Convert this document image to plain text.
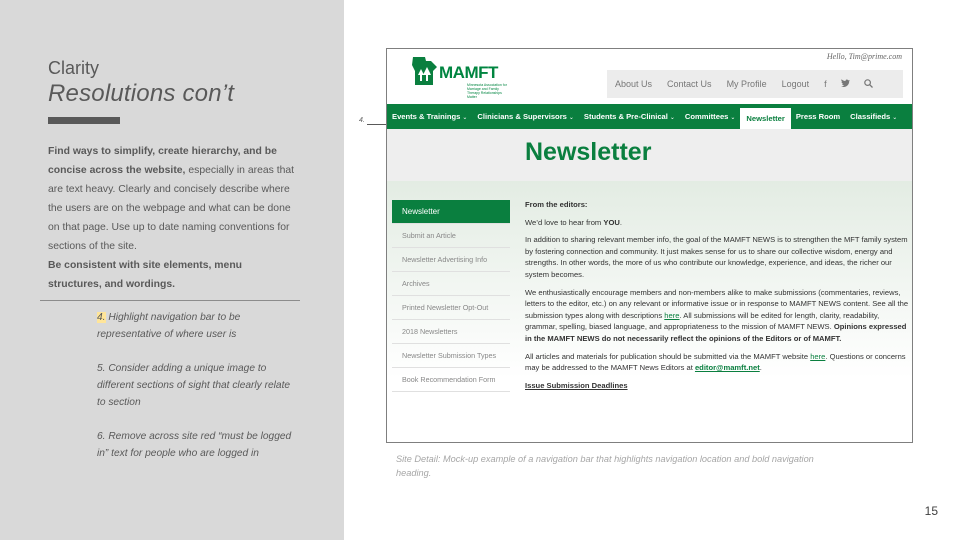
Clarity
Resolutions con’t
Find ways to simplify, create hierarchy, and be concise across the website, especially in areas that are text heavy. Clearly and concisely describe where the users are on the webpage and what can be done on that page. Use up to date naming conventions for sections of the site.
Be consistent with site elements, menu structures, and wordings.
4. Highlight navigation bar to be representative of where user is
5. Consider adding a unique image to different sections of sight that clearly relate to section
6. Remove across site red “must be logged in” text for people who are logged in
4.
Hello, Tim@prime.com
MAMFT
Minnesota Association for Marriage and Family Therapy Relationships Matter
About Us Contact Us My Profile Logout f
Events & Trainings ⌄	Clinicians & Supervisors ⌄	Students & Pre-Clinical ⌄	Committees ⌄	Newsletter	Press Room	Classifieds ⌄
Newsletter
Newsletter
Submit an Article
Newsletter Advertising Info
Archives
Printed Newsletter Opt-Out
2018 Newsletters
Newsletter Submission Types
Book Recommendation Form

From the editors:

We’d love to hear from YOU.

In addition to sharing relevant member info, the goal of the MAMFT NEWS is to strengthen the MFT family system by fostering connection and community. It just makes sense for us to share our collective wisdom, energy and strengths. In other words, the more of us who contribute our knowledge, experience, and ideas, the richer our system becomes.

We enthusiastically encourage members and non-members alike to make submissions (commentaries, reviews, letters to the editor, etc.) on any relevant or informative issue or in response to MAMFT NEWS content. See all the submission types along with descriptions here. All submissions will be edited for length, clarity, readability, grammar, spelling, biased language, and appropriateness to the mission of MAMFT NEWS. Opinions expressed in the MAMFT NEWS do not necessarily reflect the opinions of the Editors or of MAMFT.

All articles and materials for publication should be submitted via the MAMFT website here. Questions or concerns may be addressed to the MAMFT News Editors at editor@mamft.net.

Issue Submission Deadlines

Site Detail: Mock-up example of a navigation bar that highlights navigation location and bold navigation heading.
15
